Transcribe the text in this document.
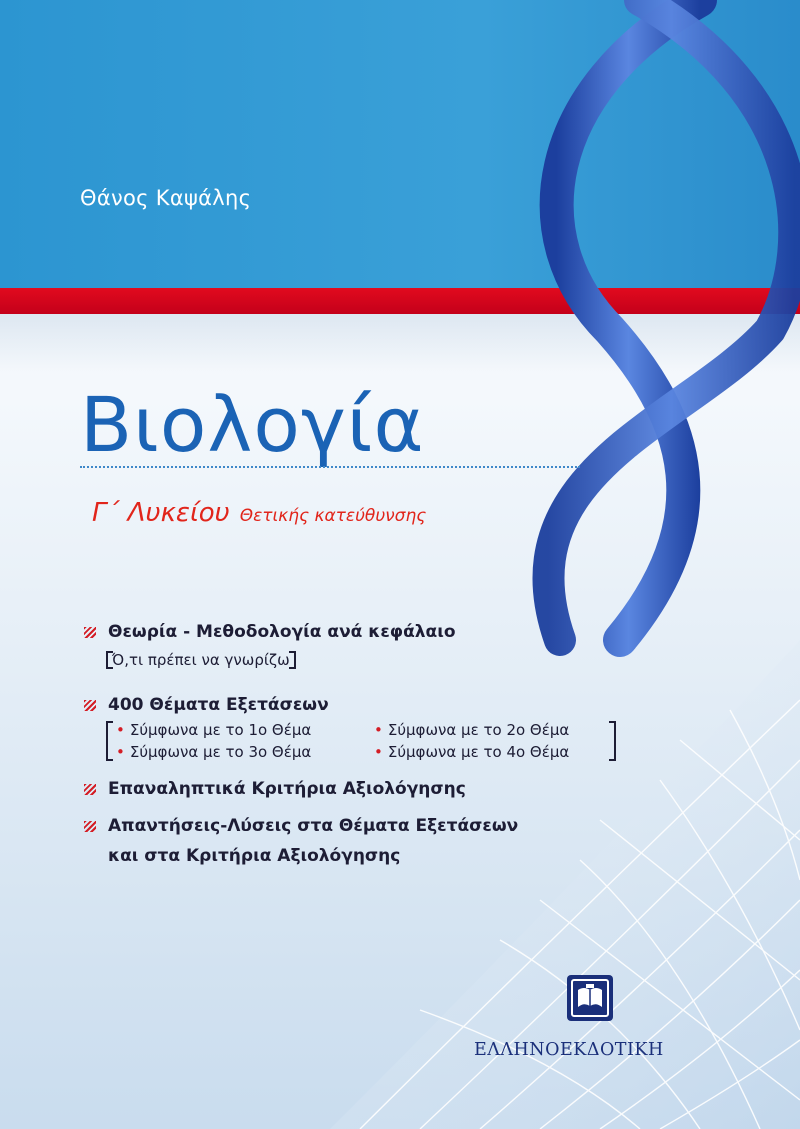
Θάνος Καψάλης
Βιολογία
Γ΄ Λυκείου Θετικής κατεύθυνσης
Θεωρία - Μεθοδολογία ανά κεφάλαιο
Ό,τι πρέπει να γνωρίζω
400 Θέματα Εξετάσεων
• Σύμφωνα με το 1ο Θέμα	• Σύμφωνα με το 2ο Θέμα
• Σύμφωνα με το 3ο Θέμα	• Σύμφωνα με το 4ο Θέμα
Επαναληπτικά Κριτήρια Αξιολόγησης
Απαντήσεις-Λύσεις στα Θέματα Εξετάσεων
και στα Κριτήρια Αξιολόγησης
ΕΛΛΗΝΟΕΚΔΟΤΙΚΗ
